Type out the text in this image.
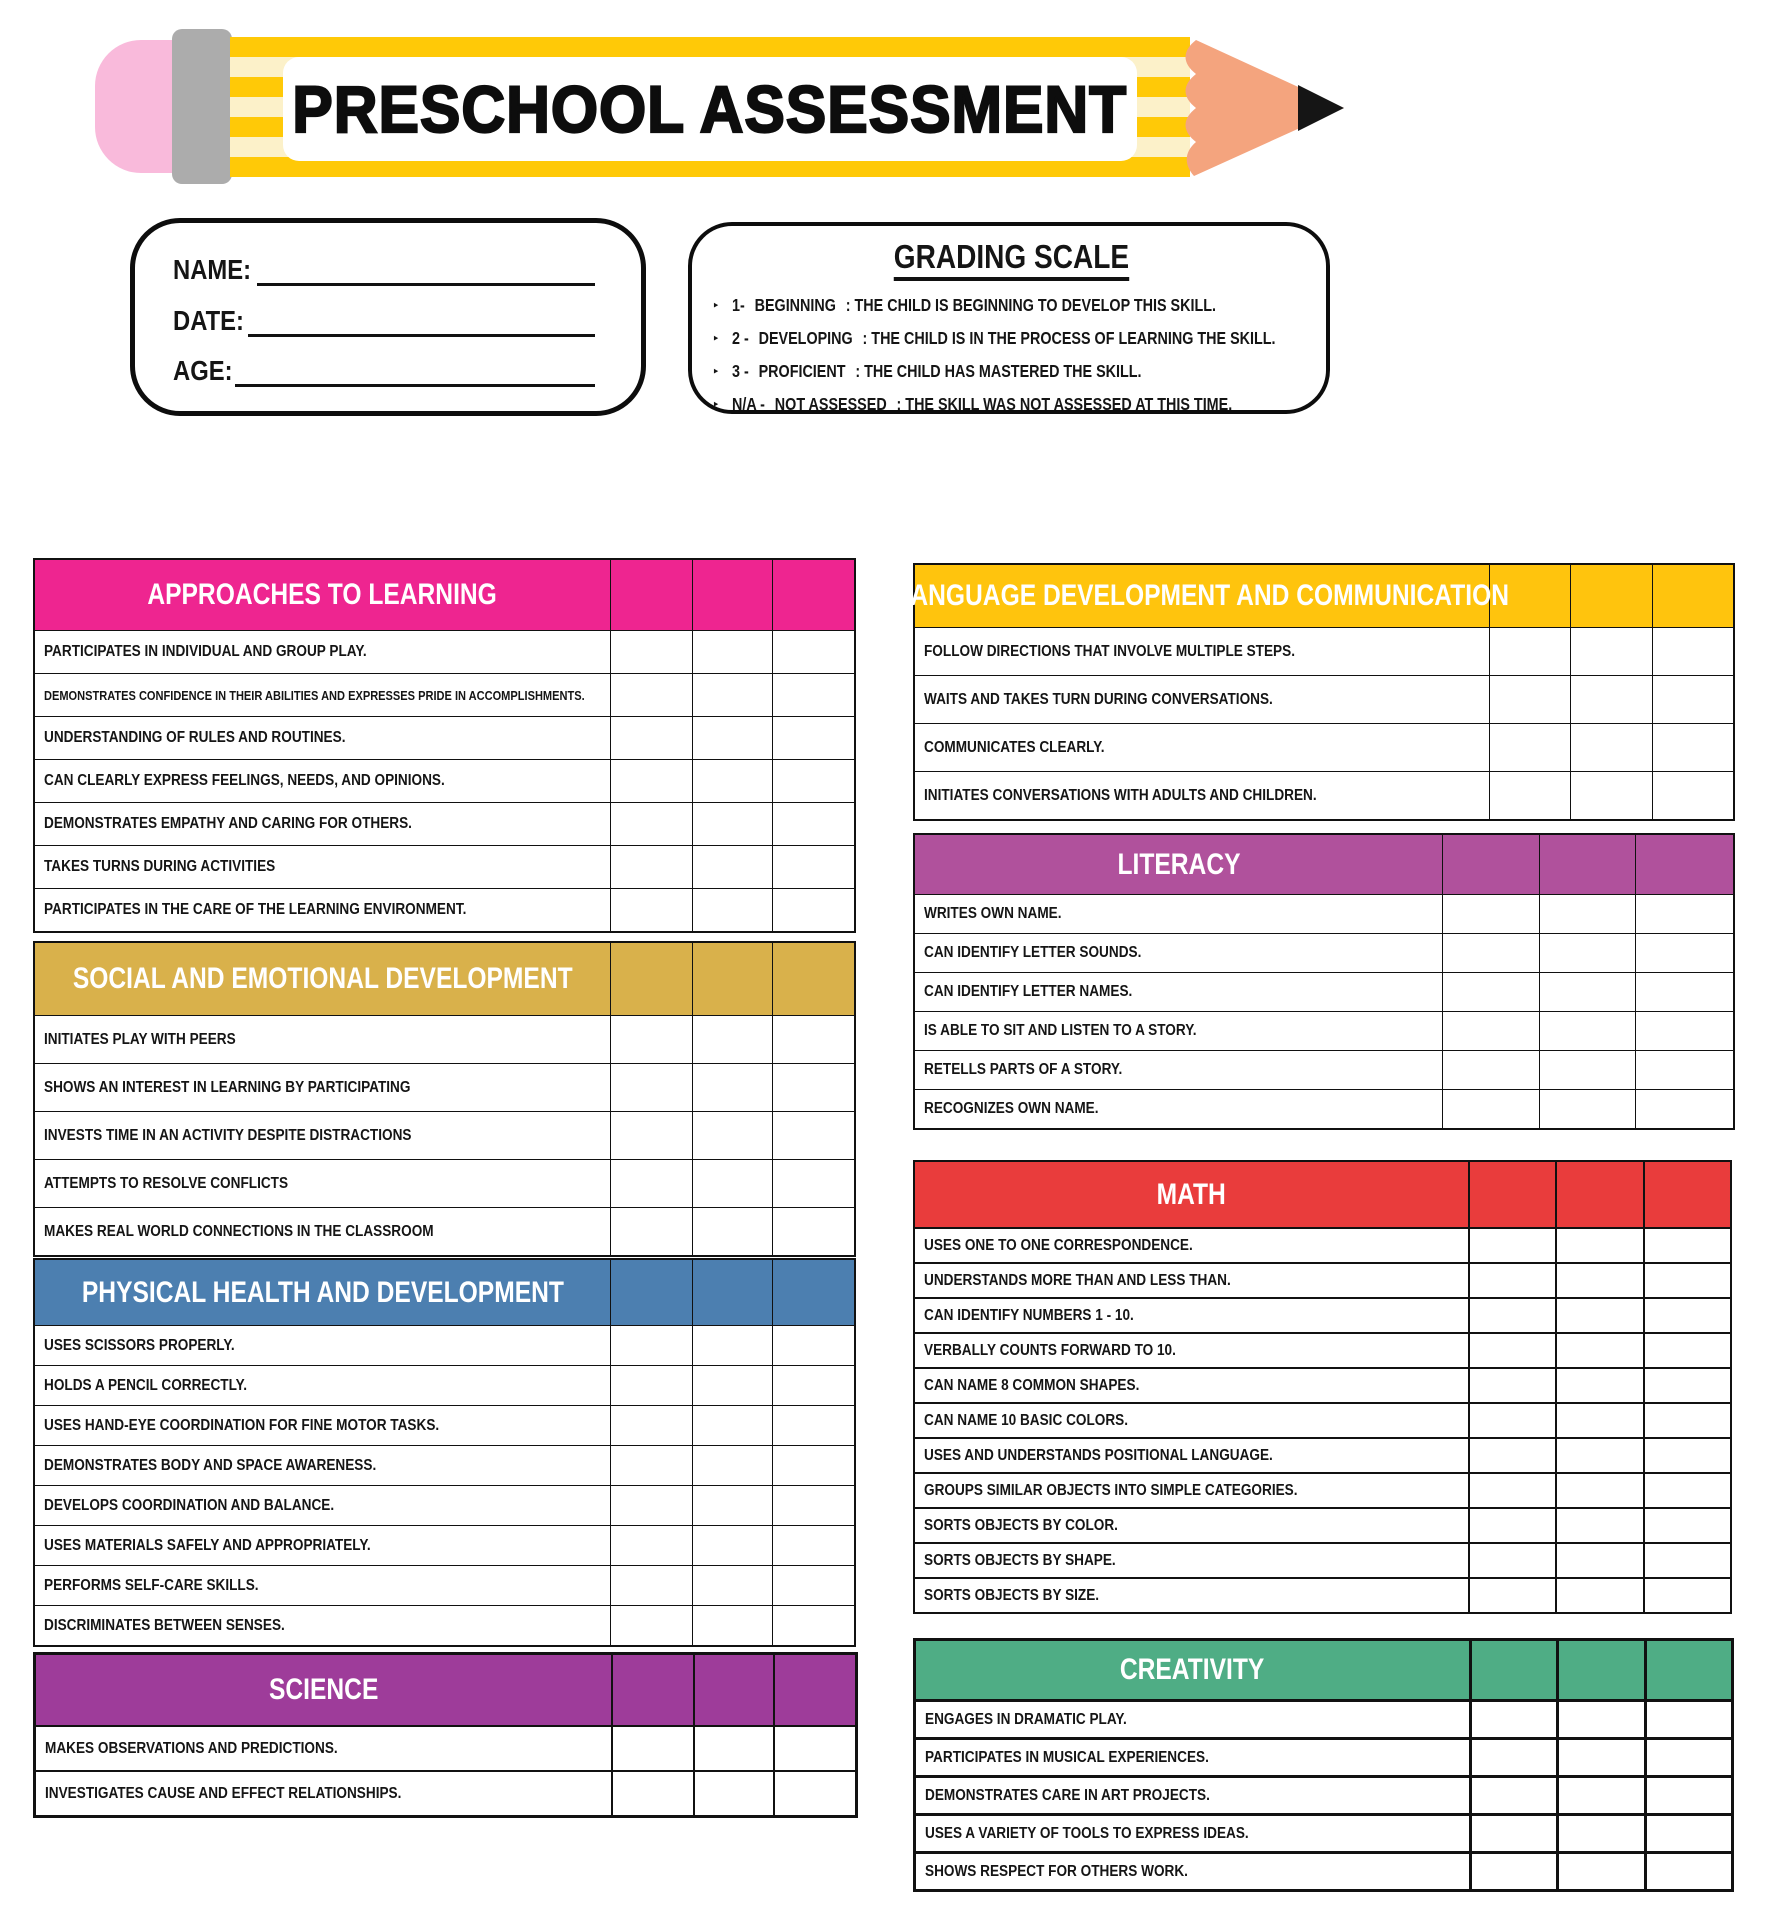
PRESCHOOL ASSESSMENT
NAME:
DATE:
AGE:
GRADING SCALE
‣ 1- BEGINNING : THE CHILD IS BEGINNING TO DEVELOP THIS SKILL.
‣ 2 - DEVELOPING : THE CHILD IS IN THE PROCESS OF LEARNING THE SKILL.
‣ 3 - PROFICIENT : THE CHILD HAS MASTERED THE SKILL.
‣ N/A - NOT ASSESSED : THE SKILL WAS NOT ASSESSED AT THIS TIME.
APPROACHES TO LEARNING
PARTICIPATES IN INDIVIDUAL AND GROUP PLAY.
DEMONSTRATES CONFIDENCE IN THEIR ABILITIES AND EXPRESSES PRIDE IN ACCOMPLISHMENTS.
UNDERSTANDING OF RULES AND ROUTINES.
CAN CLEARLY EXPRESS FEELINGS, NEEDS, AND OPINIONS.
DEMONSTRATES EMPATHY AND CARING FOR OTHERS.
TAKES TURNS DURING ACTIVITIES
PARTICIPATES IN THE CARE OF THE LEARNING ENVIRONMENT.
SOCIAL AND EMOTIONAL DEVELOPMENT
INITIATES PLAY WITH PEERS
SHOWS AN INTEREST IN LEARNING BY PARTICIPATING
INVESTS TIME IN AN ACTIVITY DESPITE DISTRACTIONS
ATTEMPTS TO RESOLVE CONFLICTS
MAKES REAL WORLD CONNECTIONS IN THE CLASSROOM
PHYSICAL HEALTH AND DEVELOPMENT
USES SCISSORS PROPERLY.
HOLDS A PENCIL CORRECTLY.
USES HAND-EYE COORDINATION FOR FINE MOTOR TASKS.
DEMONSTRATES BODY AND SPACE AWARENESS.
DEVELOPS COORDINATION AND BALANCE.
USES MATERIALS SAFELY AND APPROPRIATELY.
PERFORMS SELF-CARE SKILLS.
DISCRIMINATES BETWEEN SENSES.
SCIENCE
MAKES OBSERVATIONS AND PREDICTIONS.
INVESTIGATES CAUSE AND EFFECT RELATIONSHIPS.
LANGUAGE DEVELOPMENT AND COMMUNICATION
FOLLOW DIRECTIONS THAT INVOLVE MULTIPLE STEPS.
WAITS AND TAKES TURN DURING CONVERSATIONS.
COMMUNICATES CLEARLY.
INITIATES CONVERSATIONS WITH ADULTS AND CHILDREN.
LITERACY
WRITES OWN NAME.
CAN IDENTIFY LETTER SOUNDS.
CAN IDENTIFY LETTER NAMES.
IS ABLE TO SIT AND LISTEN TO A STORY.
RETELLS PARTS OF A STORY.
RECOGNIZES OWN NAME.
MATH
USES ONE TO ONE CORRESPONDENCE.
UNDERSTANDS MORE THAN AND LESS THAN.
CAN IDENTIFY NUMBERS 1 - 10.
VERBALLY COUNTS FORWARD TO 10.
CAN NAME 8 COMMON SHAPES.
CAN NAME 10 BASIC COLORS.
USES AND UNDERSTANDS POSITIONAL LANGUAGE.
GROUPS SIMILAR OBJECTS INTO SIMPLE CATEGORIES.
SORTS OBJECTS BY COLOR.
SORTS OBJECTS BY SHAPE.
SORTS OBJECTS BY SIZE.
CREATIVITY
ENGAGES IN DRAMATIC PLAY.
PARTICIPATES IN MUSICAL EXPERIENCES.
DEMONSTRATES CARE IN ART PROJECTS.
USES A VARIETY OF TOOLS TO EXPRESS IDEAS.
SHOWS RESPECT FOR OTHERS WORK.
